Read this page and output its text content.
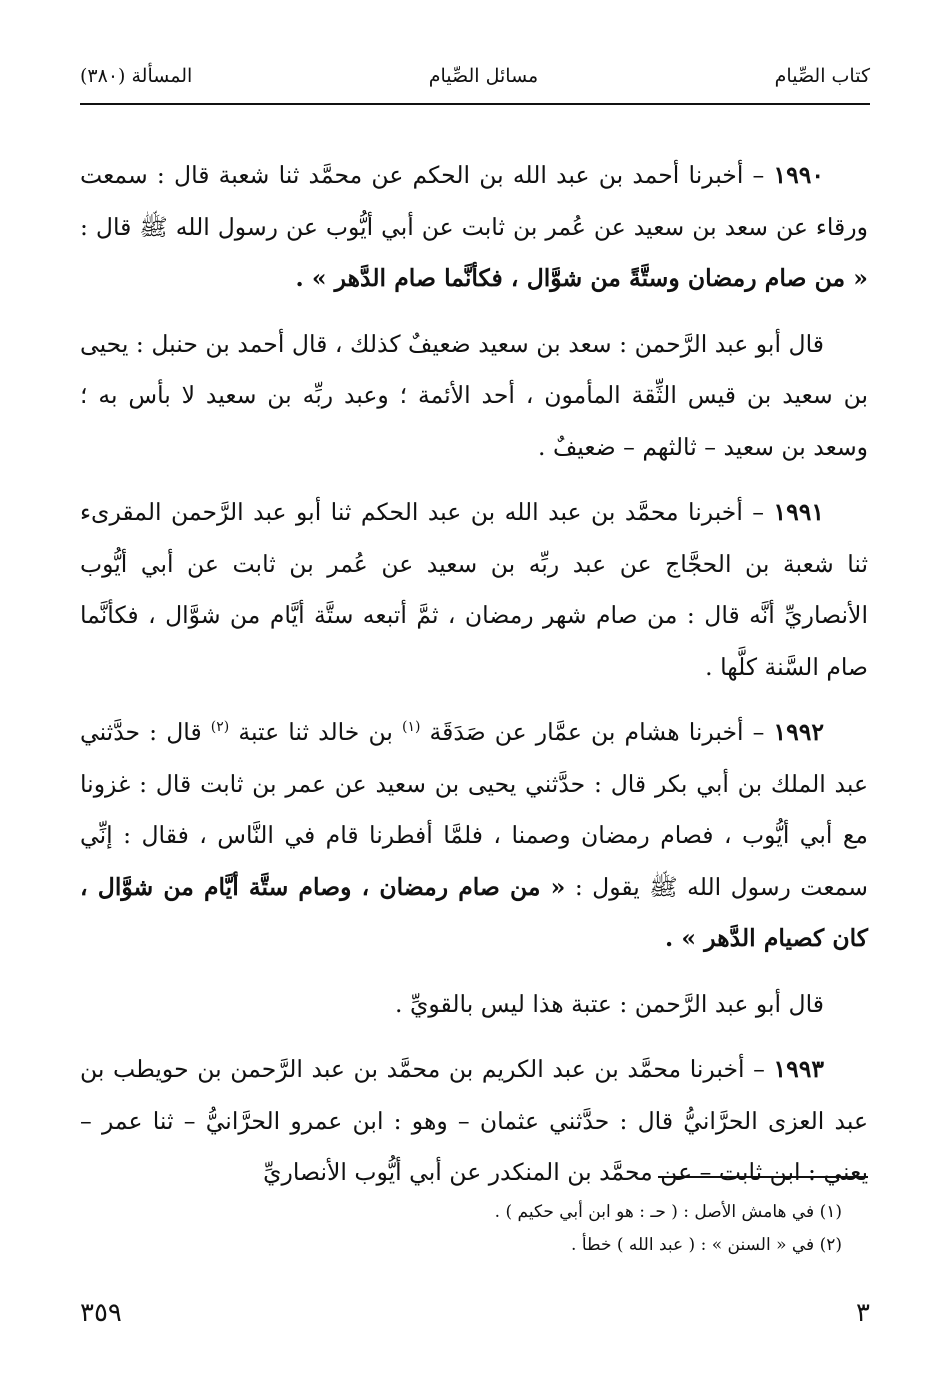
كتاب الصِّيام
مسائل الصِّيام
المسألة (٣٨٠)

١٩٩٠ – أخبرنا أحمد بن عبد الله بن الحكم عن محمَّد ثنا شعبة قال : سمعت ورقاء عن سعد بن سعيد عن عُمر بن ثابت عن أبي أيُّوب عن رسول الله ﷺ قال : « من صام رمضان وستَّةً من شوَّال ، فكأنَّما صام الدَّهر » .

قال أبو عبد الرَّحمن : سعد بن سعيد ضعيفٌ كذلك ، قال أحمد بن حنبل : يحيى بن سعيد بن قيس الثِّقة المأمون ، أحد الأئمة ؛ وعبد ربِّه بن سعيد لا بأس به ؛ وسعد بن سعيد – ثالثهم – ضعيفٌ .

١٩٩١ – أخبرنا محمَّد بن عبد الله بن عبد الحكم ثنا أبو عبد الرَّحمن المقرىء ثنا شعبة بن الحجَّاج عن عبد ربِّه بن سعيد عن عُمر بن ثابت عن أبي أيُّوب الأنصاريِّ أنَّه قال : من صام شهر رمضان ، ثمَّ أتبعه ستَّة أيَّام من شوَّال ، فكأنَّما صام السَّنة كلَّها .

١٩٩٢ – أخبرنا هشام بن عمَّار عن صَدَقَة $^{(١)}$ بن خالد ثنا عتبة $^{(٢)}$ قال : حدَّثني عبد الملك بن أبي بكر قال : حدَّثني يحيى بن سعيد عن عمر بن ثابت قال : غزونا مع أبي أيُّوب ، فصام رمضان وصمنا ، فلمَّا أفطرنا قام في النَّاس ، فقال : إنِّي سمعت رسول الله ﷺ يقول : « من صام رمضان ، وصام ستَّة أيَّام من شوَّال ، كان كصيام الدَّهر » .

قال أبو عبد الرَّحمن : عتبة هذا ليس بالقويِّ .

١٩٩٣ – أخبرنا محمَّد بن عبد الكريم بن محمَّد بن عبد الرَّحمن بن حويطب بن عبد العزى الحرَّانيُّ قال : حدَّثني عثمان – وهو : ابن عمرو الحرَّانيُّ – ثنا عمر – يعني : ابن ثابت – عن محمَّد بن المنكدر عن أبي أيُّوب الأنصاريِّ

(١) في هامش الأصل : ( حـ : هو ابن أبي حكيم ) .

(٢) في « السنن » : ( عبد الله ) خطأ .

٣
٣٥٩
